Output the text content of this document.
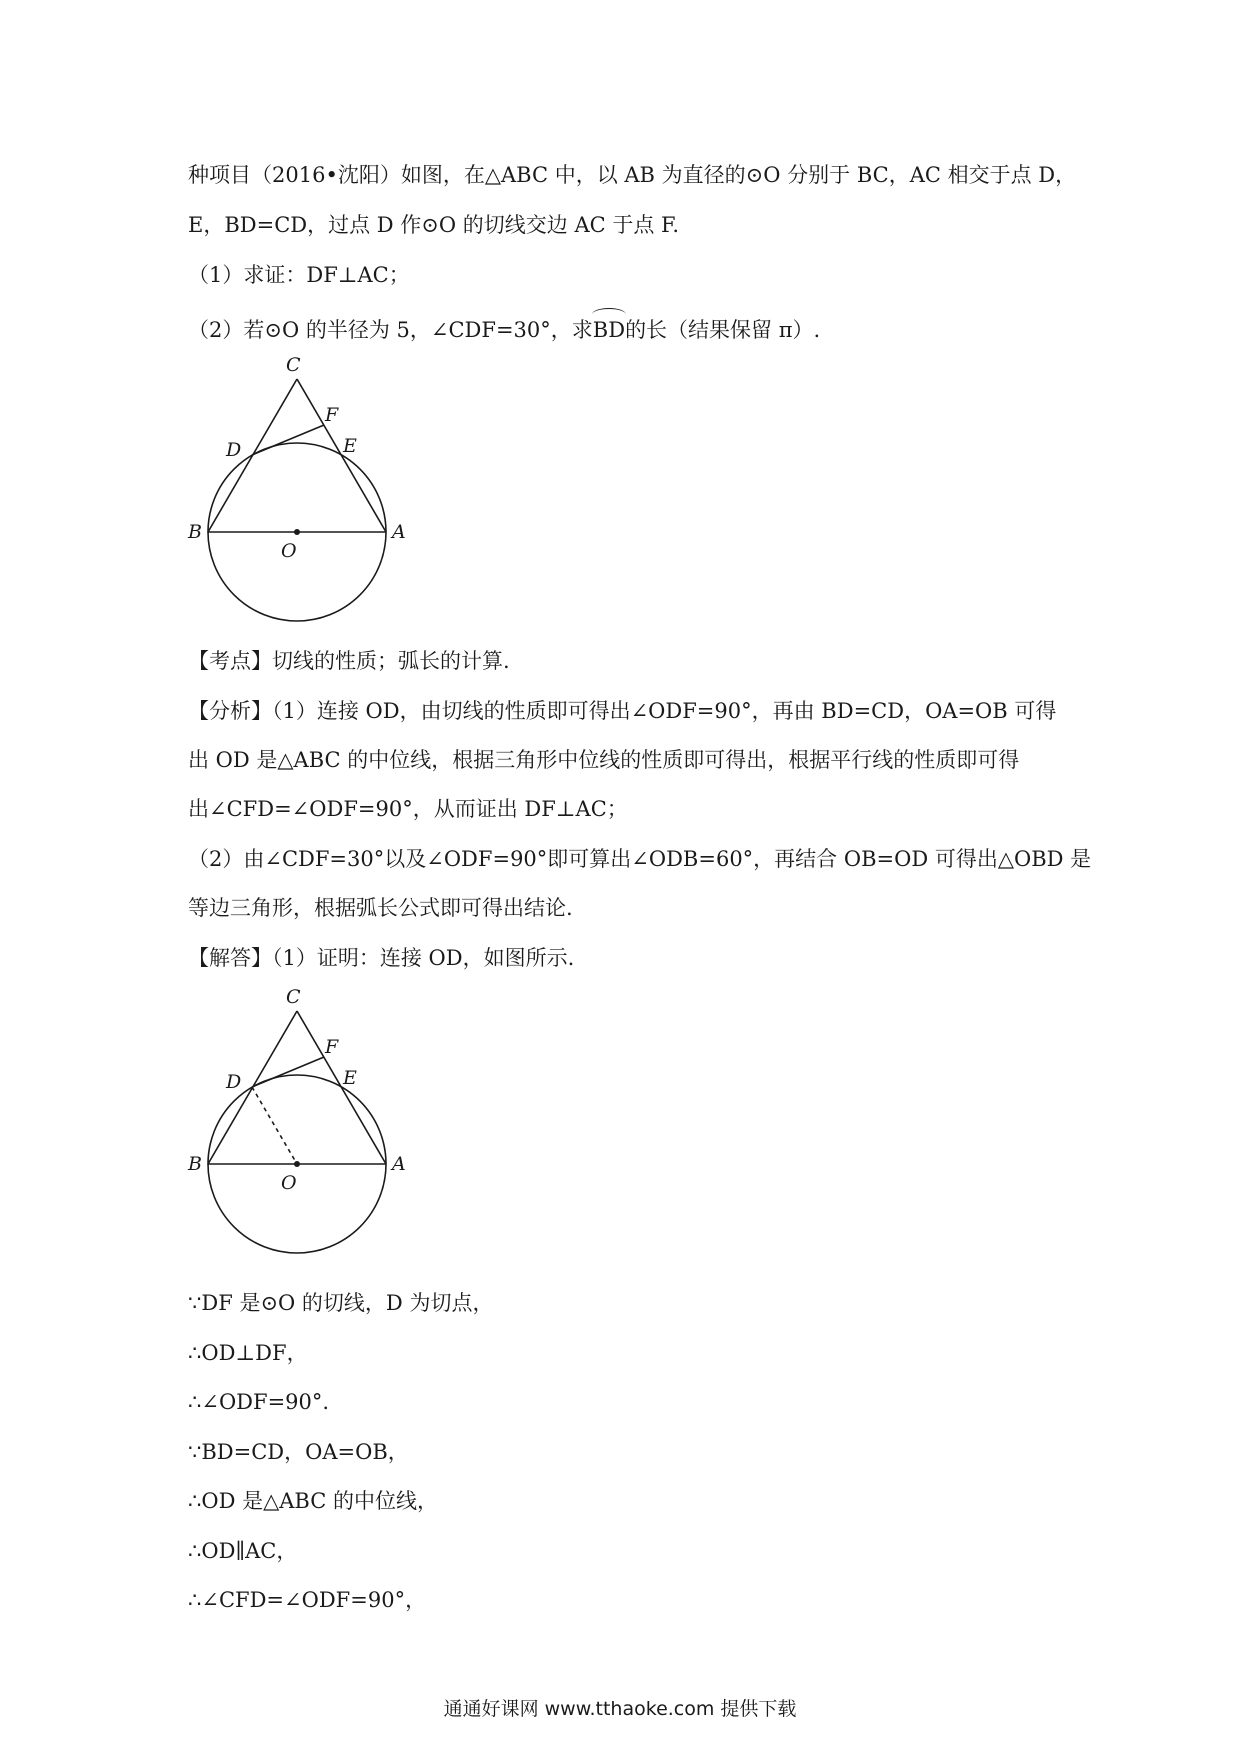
种项目（2016•沈阳）如图，在△ABC 中，以 AB 为直径的⊙O 分别于 BC，AC 相交于点 D，
E，BD=CD，过点 D 作⊙O 的切线交边 AC 于点 F.
（1）求证：DF⊥AC；
（2）若⊙O 的半径为 5，∠CDF=30°，求BD的长（结果保留 π）.
C
F
D	E
B
O
A
【考点】切线的性质；弧长的计算.
【分析】（1）连接 OD，由切线的性质即可得出∠ODF=90°，再由 BD=CD，OA=OB 可得
出 OD 是△ABC 的中位线，根据三角形中位线的性质即可得出，根据平行线的性质即可得
出∠CFD=∠ODF=90°，从而证出 DF⊥AC；
（2）由∠CDF=30°以及∠ODF=90°即可算出∠ODB=60°，再结合 OB=OD 可得出△OBD 是
等边三角形，根据弧长公式即可得出结论.
【解答】（1）证明：连接 OD，如图所示.
C
F
D	E
B
O
A
∵DF 是⊙O 的切线，D 为切点，
∴OD⊥DF，
∴∠ODF=90°.
∵BD=CD，OA=OB，
∴OD 是△ABC 的中位线，
∴OD∥AC，
∴∠CFD=∠ODF=90°，
通通好课网 www.tthaoke.com 提供下载
